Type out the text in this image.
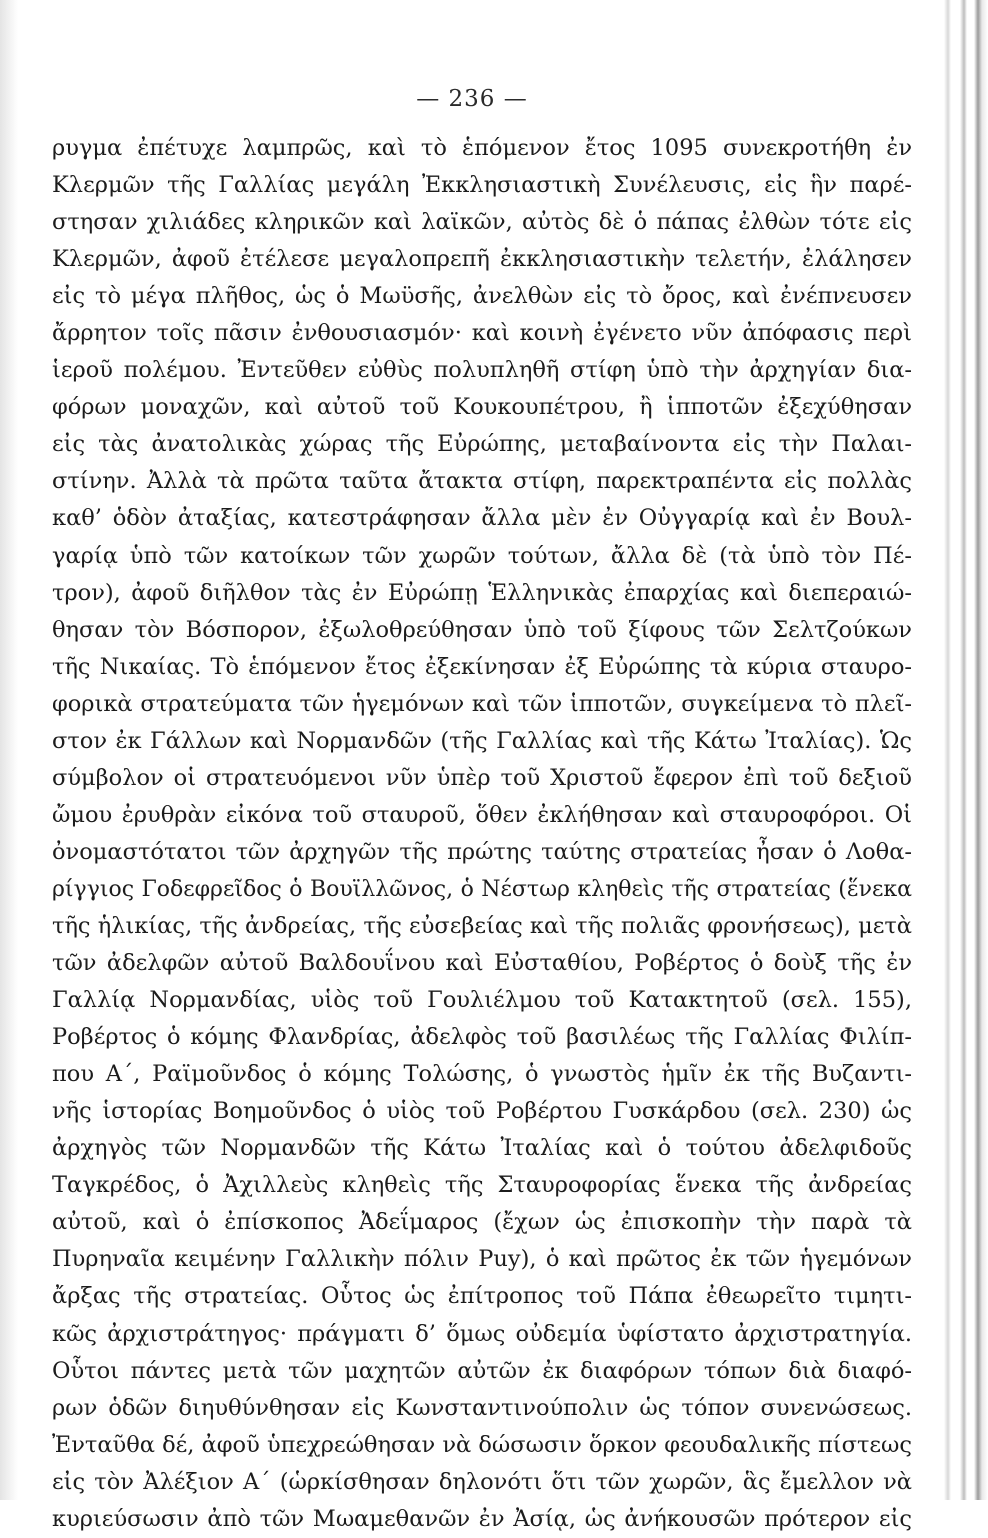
— 236 —
ρυγμα ἐπέτυχε λαμπρῶς, καὶ τὸ ἑπόμενον ἔτος 1095 συνεκροτήθη ἐν
Κλερμῶν τῆς Γαλλίας μεγάλη Ἐκκλησιαστικὴ Συνέλευσις, εἰς ἣν παρέ-
στησαν χιλιάδες κληρικῶν καὶ λαϊκῶν, αὐτὸς δὲ ὁ πάπας ἐλθὼν τότε εἰς
Κλερμῶν, ἀφοῦ ἐτέλεσε μεγαλοπρεπῆ ἐκκλησιαστικὴν τελετήν, ἐλάλησεν
εἰς τὸ μέγα πλῆθος, ὡς ὁ Μωϋσῆς, ἀνελθὼν εἰς τὸ ὄρος, καὶ ἐνέπνευσεν
ἄρρητον τοῖς πᾶσιν ἐνθουσιασμόν· καὶ κοινὴ ἐγένετο νῦν ἀπόφασις περὶ
ἱεροῦ πολέμου. Ἐντεῦθεν εὐθὺς πολυπληθῆ στίφη ὑπὸ τὴν ἀρχηγίαν δια-
φόρων μοναχῶν, καὶ αὐτοῦ τοῦ Κουκουπέτρου, ἢ ἱπποτῶν ἐξεχύθησαν
εἰς τὰς ἀνατολικὰς χώρας τῆς Εὐρώπης, μεταβαίνοντα εἰς τὴν Παλαι-
στίνην. Ἀλλὰ τὰ πρῶτα ταῦτα ἄτακτα στίφη, παρεκτραπέντα εἰς πολλὰς
καθ’ ὁδὸν ἀταξίας, κατεστράφησαν ἄλλα μὲν ἐν Οὐγγαρίᾳ καὶ ἐν Βουλ-
γαρίᾳ ὑπὸ τῶν κατοίκων τῶν χωρῶν τούτων, ἄλλα δὲ (τὰ ὑπὸ τὸν Πέ-
τρον), ἀφοῦ διῆλθον τὰς ἐν Εὐρώπῃ Ἑλληνικὰς ἐπαρχίας καὶ διεπεραιώ-
θησαν τὸν Βόσπορον, ἐξωλοθρεύθησαν ὑπὸ τοῦ ξίφους τῶν Σελτζούκων
τῆς Νικαίας. Τὸ ἑπόμενον ἔτος ἐξεκίνησαν ἐξ Εὐρώπης τὰ κύρια σταυρο-
φορικὰ στρατεύματα τῶν ἡγεμόνων καὶ τῶν ἱπποτῶν, συγκείμενα τὸ πλεῖ-
στον ἐκ Γάλλων καὶ Νορμανδῶν (τῆς Γαλλίας καὶ τῆς Κάτω Ἰταλίας). Ὡς
σύμβολον οἱ στρατευόμενοι νῦν ὑπὲρ τοῦ Χριστοῦ ἔφερον ἐπὶ τοῦ δεξιοῦ
ὤμου ἐρυθρὰν εἰκόνα τοῦ σταυροῦ, ὅθεν ἐκλήθησαν καὶ σταυροφόροι. Οἱ
ὀνομαστότατοι τῶν ἀρχηγῶν τῆς πρώτης ταύτης στρατείας ἦσαν ὁ Λοθα-
ρίγγιος Γοδεφρεῖδος ὁ Βουϊλλῶνος, ὁ Νέστωρ κληθεὶς τῆς στρατείας (ἕνεκα
τῆς ἡλικίας, τῆς ἀνδρείας, τῆς εὐσεβείας καὶ τῆς πολιᾶς φρονήσεως), μετὰ
τῶν ἀδελφῶν αὐτοῦ Βαλδουΐνου καὶ Εὐσταθίου, Ροβέρτος ὁ δοὺξ τῆς ἐν
Γαλλίᾳ Νορμανδίας, υἱὸς τοῦ Γουλιέλμου τοῦ Κατακτητοῦ (σελ. 155),
Ροβέρτος ὁ κόμης Φλανδρίας, ἀδελφὸς τοῦ βασιλέως τῆς Γαλλίας Φιλίπ-
που Α΄, Ραϊμοῦνδος ὁ κόμης Τολώσης, ὁ γνωστὸς ἡμῖν ἐκ τῆς Βυζαντι-
νῆς ἱστορίας Βοημοῦνδος ὁ υἱὸς τοῦ Ροβέρτου Γυσκάρδου (σελ. 230) ὡς
ἀρχηγὸς τῶν Νορμανδῶν τῆς Κάτω Ἰταλίας καὶ ὁ τούτου ἀδελφιδοῦς
Ταγκρέδος, ὁ Ἀχιλλεὺς κληθεὶς τῆς Σταυροφορίας ἕνεκα τῆς ἀνδρείας
αὐτοῦ, καὶ ὁ ἐπίσκοπος Ἀδεΐμαρος (ἔχων ὡς ἐπισκοπὴν τὴν παρὰ τὰ
Πυρηναῖα κειμένην Γαλλικὴν πόλιν Puy), ὁ καὶ πρῶτος ἐκ τῶν ἡγεμόνων
ἄρξας τῆς στρατείας. Οὗτος ὡς ἐπίτροπος τοῦ Πάπα ἐθεωρεῖτο τιμητι-
κῶς ἀρχιστράτηγος· πράγματι δ’ ὅμως οὐδεμία ὑφίστατο ἀρχιστρατηγία.
Οὗτοι πάντες μετὰ τῶν μαχητῶν αὐτῶν ἐκ διαφόρων τόπων διὰ διαφό-
ρων ὁδῶν διηυθύνθησαν εἰς Κωνσταντινούπολιν ὡς τόπον συνενώσεως.
Ἐνταῦθα δέ, ἀφοῦ ὑπεχρεώθησαν νὰ δώσωσιν ὅρκον φεουδαλικῆς πίστεως
εἰς τὸν Ἀλέξιον Α΄ (ὡρκίσθησαν δηλονότι ὅτι τῶν χωρῶν, ἃς ἔμελλον νὰ
κυριεύσωσιν ἀπὸ τῶν Μωαμεθανῶν ἐν Ἀσίᾳ, ὡς ἀνήκουσῶν πρότερον εἰς
